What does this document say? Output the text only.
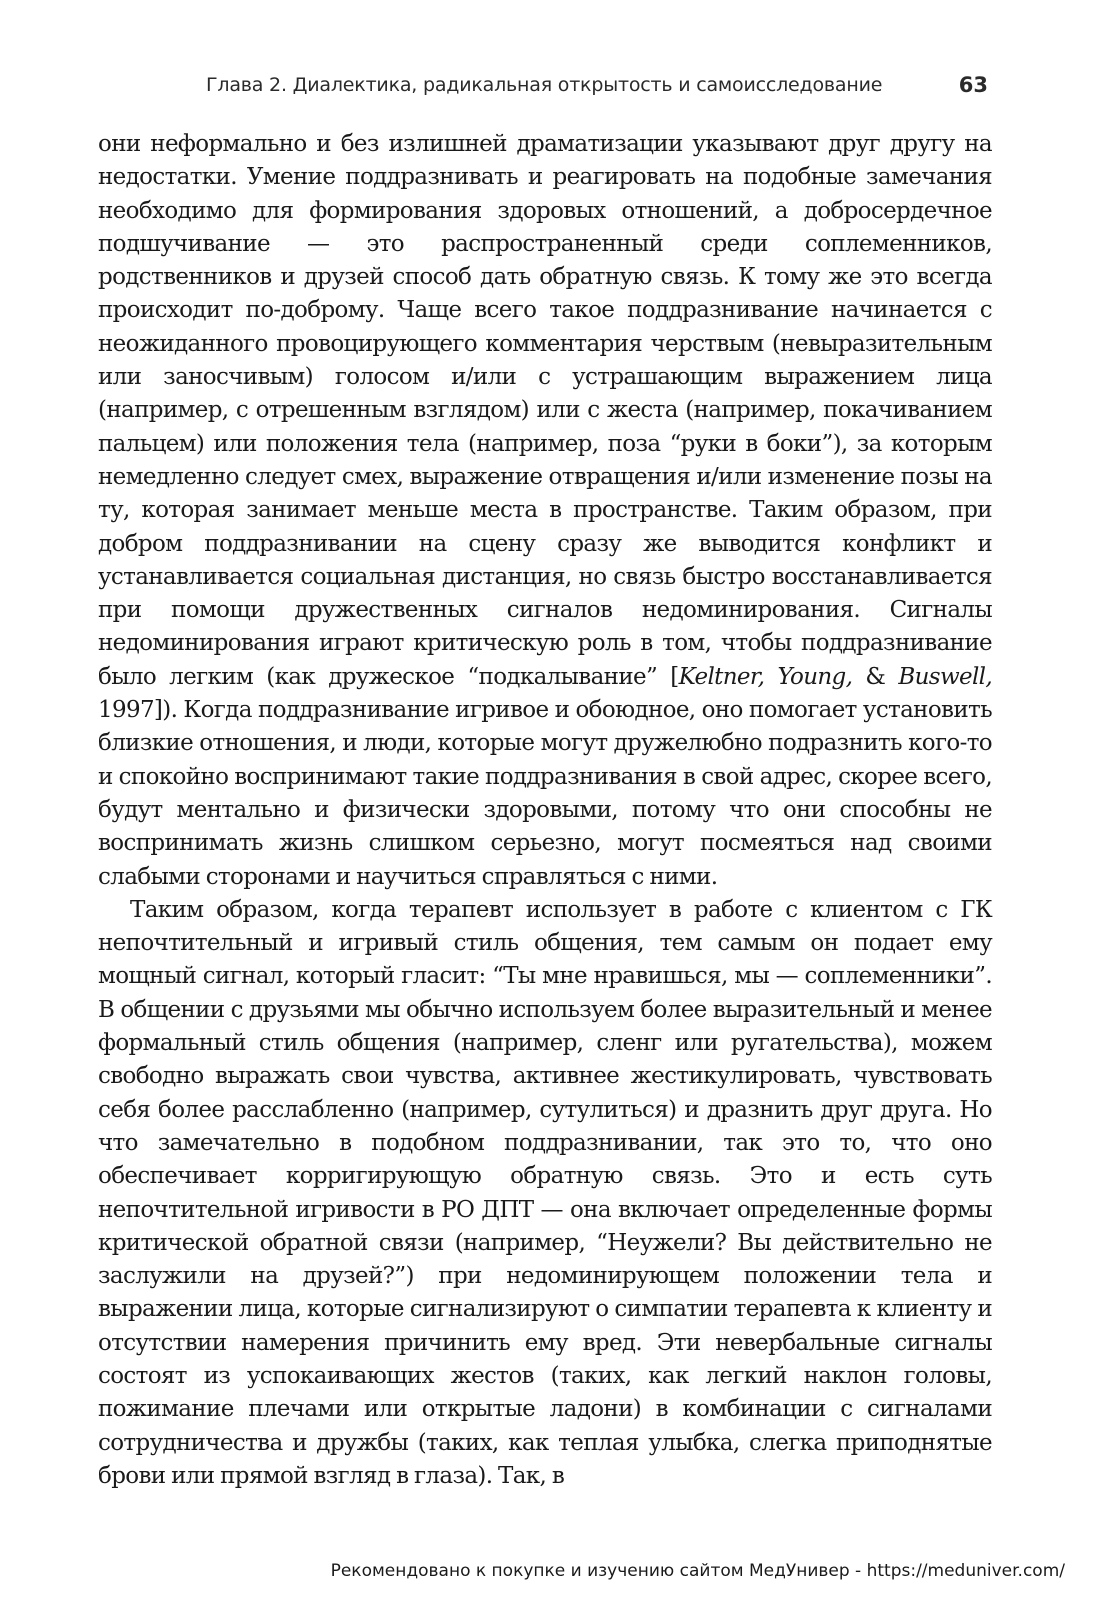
Глава 2. Диалектика, радикальная открытость и самоисследование	63

они неформально и без излишней драматизации указывают друг другу на недостатки. Умение поддразнивать и реагировать на подобные замечания необходимо для формирования здоровых отношений, а добросердечное подшучивание — это распространенный среди соплеменников, родственников и друзей способ дать обратную связь. К тому же это всегда происходит по-доброму. Чаще всего такое поддразнивание начинается с неожиданного провоцирующего комментария черствым (невыразительным или заносчивым) голосом и/или с устрашающим выражением лица (например, с отрешенным взглядом) или с жеста (например, покачиванием пальцем) или положения тела (например, поза “руки в боки”), за которым немедленно следует смех, выражение отвращения и/или изменение позы на ту, которая занимает меньше места в пространстве. Таким образом, при добром поддразнивании на сцену сразу же выводится конфликт и устанавливается социальная дистанция, но связь быстро восстанавливается при помощи дружественных сигналов недоминирования. Сигналы недоминирования играют критическую роль в том, чтобы поддразнивание было легким (как дружеское “подкалывание” [Keltner, Young, & Buswell, 1997]). Когда поддразнивание игривое и обоюдное, оно помогает установить близкие отношения, и люди, которые могут дружелюбно подразнить кого-то и спокойно воспринимают такие поддразнивания в свой адрес, скорее всего, будут ментально и физически здоровыми, потому что они способны не воспринимать жизнь слишком серьезно, могут посмеяться над своими слабыми сторонами и научиться справляться с ними.

Таким образом, когда терапевт использует в работе с клиентом с ГК непочтительный и игривый стиль общения, тем самым он подает ему мощный сигнал, который гласит: “Ты мне нравишься, мы — соплеменники”. В общении с друзьями мы обычно используем более выразительный и менее формальный стиль общения (например, сленг или ругательства), можем свободно выражать свои чувства, активнее жестикулировать, чувствовать себя более расслабленно (например, сутулиться) и дразнить друг друга. Но что замечательно в подобном поддразнивании, так это то, что оно обеспечивает корригирующую обратную связь. Это и есть суть непочтительной игривости в РО ДПТ — она включает определенные формы критической обратной связи (например, “Неужели? Вы действительно не заслужили на друзей?”) при недоминирующем положении тела и выражении лица, которые сигнализируют о симпатии терапевта к клиенту и отсутствии намерения причинить ему вред. Эти невербальные сигналы состоят из успокаивающих жестов (таких, как легкий наклон головы, пожимание плечами или открытые ладони) в комбинации с сигналами сотрудничества и дружбы (таких, как теплая улыбка, слегка приподнятые брови или прямой взгляд в глаза). Так, в

Рекомендовано к покупке и изучению сайтом МедУнивер - https://meduniver.com/
